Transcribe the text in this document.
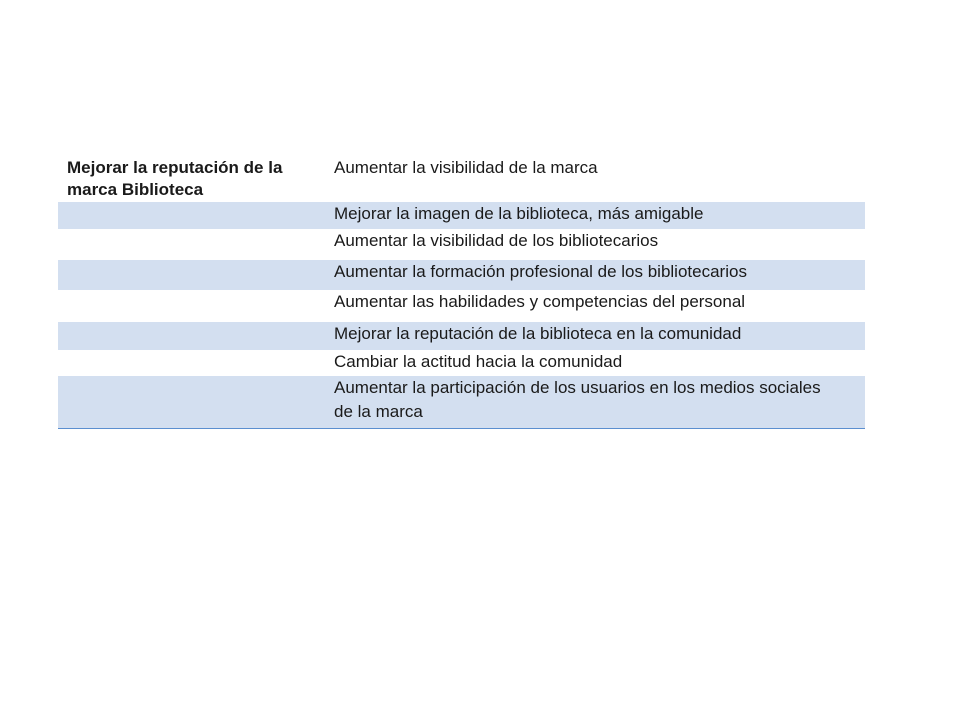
Mejorar la reputación de la marca Biblioteca
Aumentar la visibilidad de la marca
Mejorar la imagen de la biblioteca, más amigable
Aumentar la visibilidad de los bibliotecarios
Aumentar la formación profesional de los bibliotecarios
Aumentar las habilidades y competencias del personal
Mejorar la reputación de la biblioteca en la comunidad
Cambiar la actitud hacia la comunidad
Aumentar la participación de los usuarios en los medios sociales de la marca
